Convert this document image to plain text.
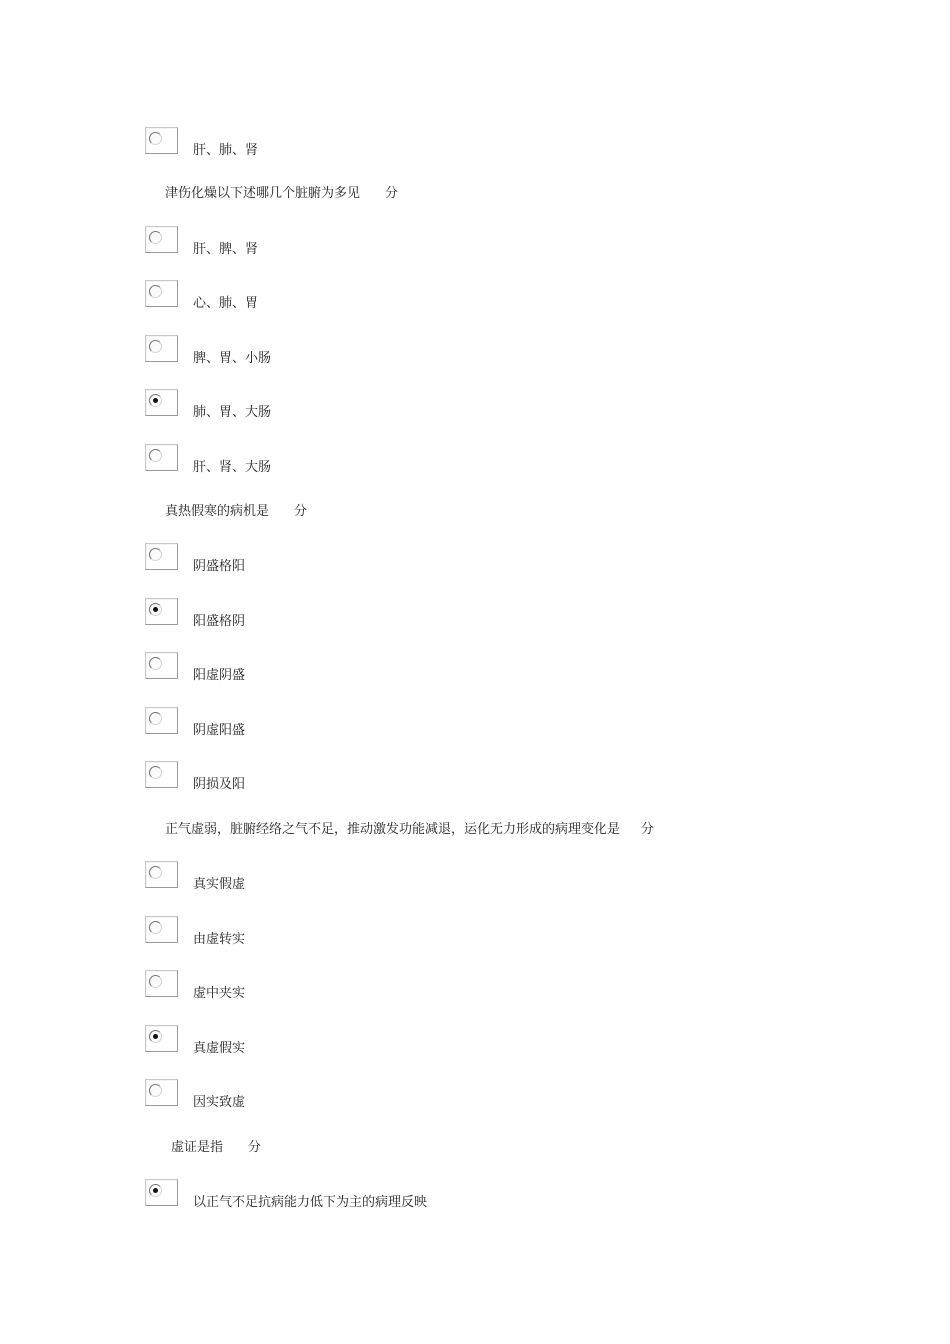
肝、肺、肾
津伤化燥以下述哪几个脏腑为多见 分
肝、脾、肾
心、肺、胃
脾、胃、小肠
肺、胃、大肠
肝、肾、大肠
真热假寒的病机是 分
阴盛格阳
阳盛格阴
阳虚阴盛
阴虚阳盛
阴损及阳
正气虚弱，脏腑经络之气不足，推动激发功能减退，运化无力形成的病理变化是 分
真实假虚
由虚转实
虚中夹实
真虚假实
因实致虚
虚证是指 分
以正气不足抗病能力低下为主的病理反映
